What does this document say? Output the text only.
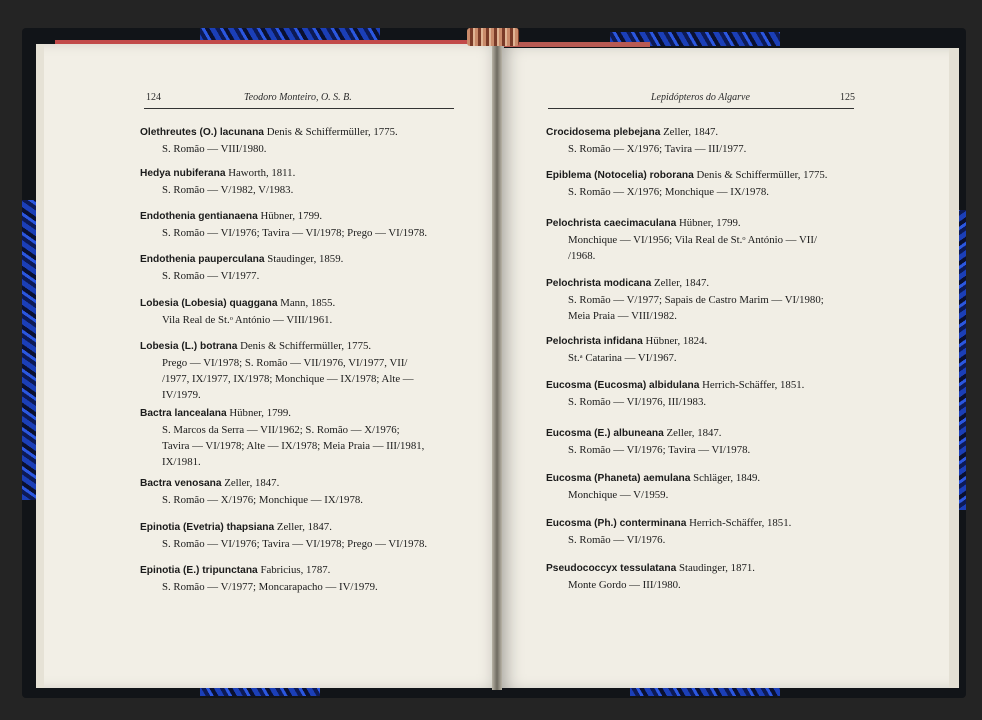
124	Teodoro Monteiro, O. S. B.	Lepidópteros do Algarve	125
Olethreutes (O.) lacunana Denis & Schiffermüller, 1775.
S. Romão — VIII/1980.
Hedya nubiferana Haworth, 1811.
S. Romão — V/1982, V/1983.
Endothenia gentianaena Hübner, 1799.
S. Romão — VI/1976; Tavira — VI/1978; Prego — VI/1978.
Endothenia pauperculana Staudinger, 1859.
S. Romão — VI/1977.
Lobesia (Lobesia) quaggana Mann, 1855.
Vila Real de St.ᵒ António — VIII/1961.
Lobesia (L.) botrana Denis & Schiffermüller, 1775.
Prego — VI/1978; S. Romão — VII/1976, VI/1977, VII/
/1977, IX/1977, IX/1978; Monchique — IX/1978; Alte —
IV/1979.
Bactra lancealana Hübner, 1799.
S. Marcos da Serra — VII/1962; S. Romão — X/1976;
Tavira — VI/1978; Alte — IX/1978; Meia Praia — III/1981,
IX/1981.
Bactra venosana Zeller, 1847.
S. Romão — X/1976; Monchique — IX/1978.
Epinotia (Evetria) thapsiana Zeller, 1847.
S. Romão — VI/1976; Tavira — VI/1978; Prego — VI/1978.
Epinotia (E.) tripunctana Fabricius, 1787.
S. Romão — V/1977; Moncarapacho — IV/1979.
Crocidosema plebejana Zeller, 1847.
S. Romão — X/1976; Tavira — III/1977.
Epiblema (Notocelia) roborana Denis & Schiffermüller, 1775.
S. Romão — X/1976; Monchique — IX/1978.
Pelochrista caecimaculana Hübner, 1799.
Monchique — VI/1956; Vila Real de St.ᵒ António — VII/
/1968.
Pelochrista modicana Zeller, 1847.
S. Romão — V/1977; Sapais de Castro Marim — VI/1980;
Meia Praia — VIII/1982.
Pelochrista infidana Hübner, 1824.
St.ᵃ Catarina — VI/1967.
Eucosma (Eucosma) albidulana Herrich-Schäffer, 1851.
S. Romão — VI/1976, III/1983.
Eucosma (E.) albuneana Zeller, 1847.
S. Romão — VI/1976; Tavira — VI/1978.
Eucosma (Phaneta) aemulana Schläger, 1849.
Monchique — V/1959.
Eucosma (Ph.) conterminana Herrich-Schäffer, 1851.
S. Romão — VI/1976.
Pseudococcyx tessulatana Staudinger, 1871.
Monte Gordo — III/1980.
